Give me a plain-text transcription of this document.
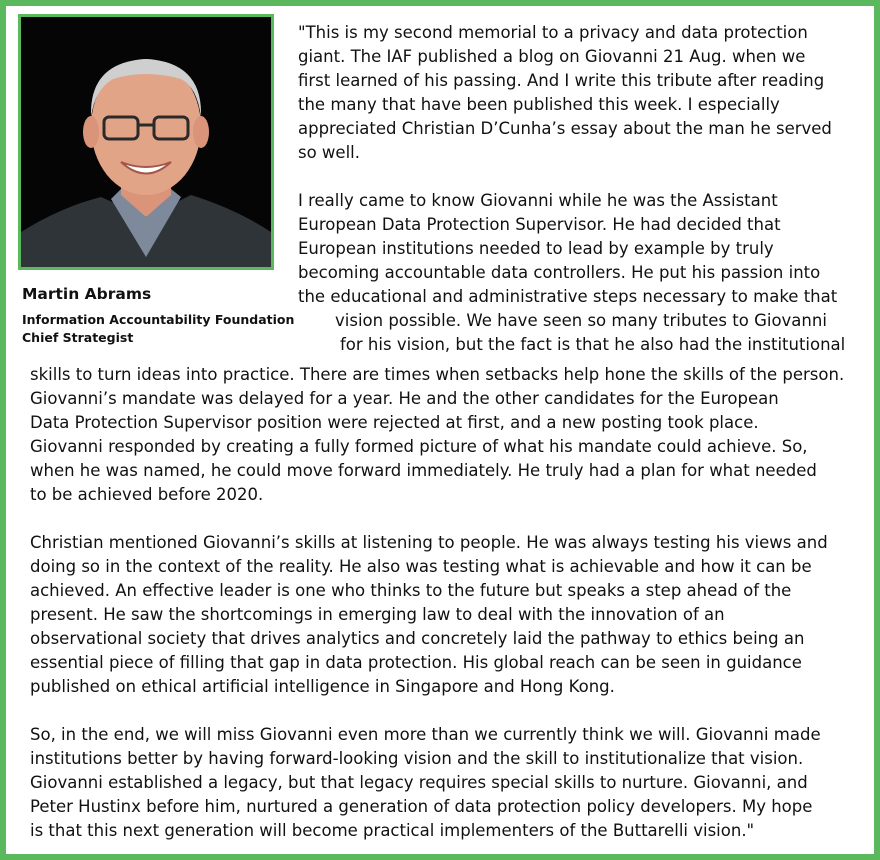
Martin Abrams
Information Accountability Foundation
Chief Strategist
"This is my second memorial to a privacy and data protection
giant. The IAF published a blog on Giovanni 21 Aug. when we
first learned of his passing. And I write this tribute after reading
the many that have been published this week. I especially
appreciated Christian D’Cunha’s essay about the man he served
so well.
I really came to know Giovanni while he was the Assistant
European Data Protection Supervisor. He had decided that
European institutions needed to lead by example by truly
becoming accountable data controllers. He put his passion into
the educational and administrative steps necessary to make that
vision possible. We have seen so many tributes to Giovanni
for his vision, but the fact is that he also had the institutional
skills to turn ideas into practice. There are times when setbacks help hone the skills of the person.
Giovanni’s mandate was delayed for a year. He and the other candidates for the European
Data Protection Supervisor position were rejected at first, and a new posting took place.
Giovanni responded by creating a fully formed picture of what his mandate could achieve. So,
when he was named, he could move forward immediately. He truly had a plan for what needed
to be achieved before 2020.
Christian mentioned Giovanni’s skills at listening to people. He was always testing his views and
doing so in the context of the reality. He also was testing what is achievable and how it can be
achieved. An effective leader is one who thinks to the future but speaks a step ahead of the
present. He saw the shortcomings in emerging law to deal with the innovation of an
observational society that drives analytics and concretely laid the pathway to ethics being an
essential piece of filling that gap in data protection. His global reach can be seen in guidance
published on ethical artificial intelligence in Singapore and Hong Kong.
So, in the end, we will miss Giovanni even more than we currently think we will. Giovanni made
institutions better by having forward-looking vision and the skill to institutionalize that vision.
Giovanni established a legacy, but that legacy requires special skills to nurture. Giovanni, and
Peter Hustinx before him, nurtured a generation of data protection policy developers. My hope
is that this next generation will become practical implementers of the Buttarelli vision."
